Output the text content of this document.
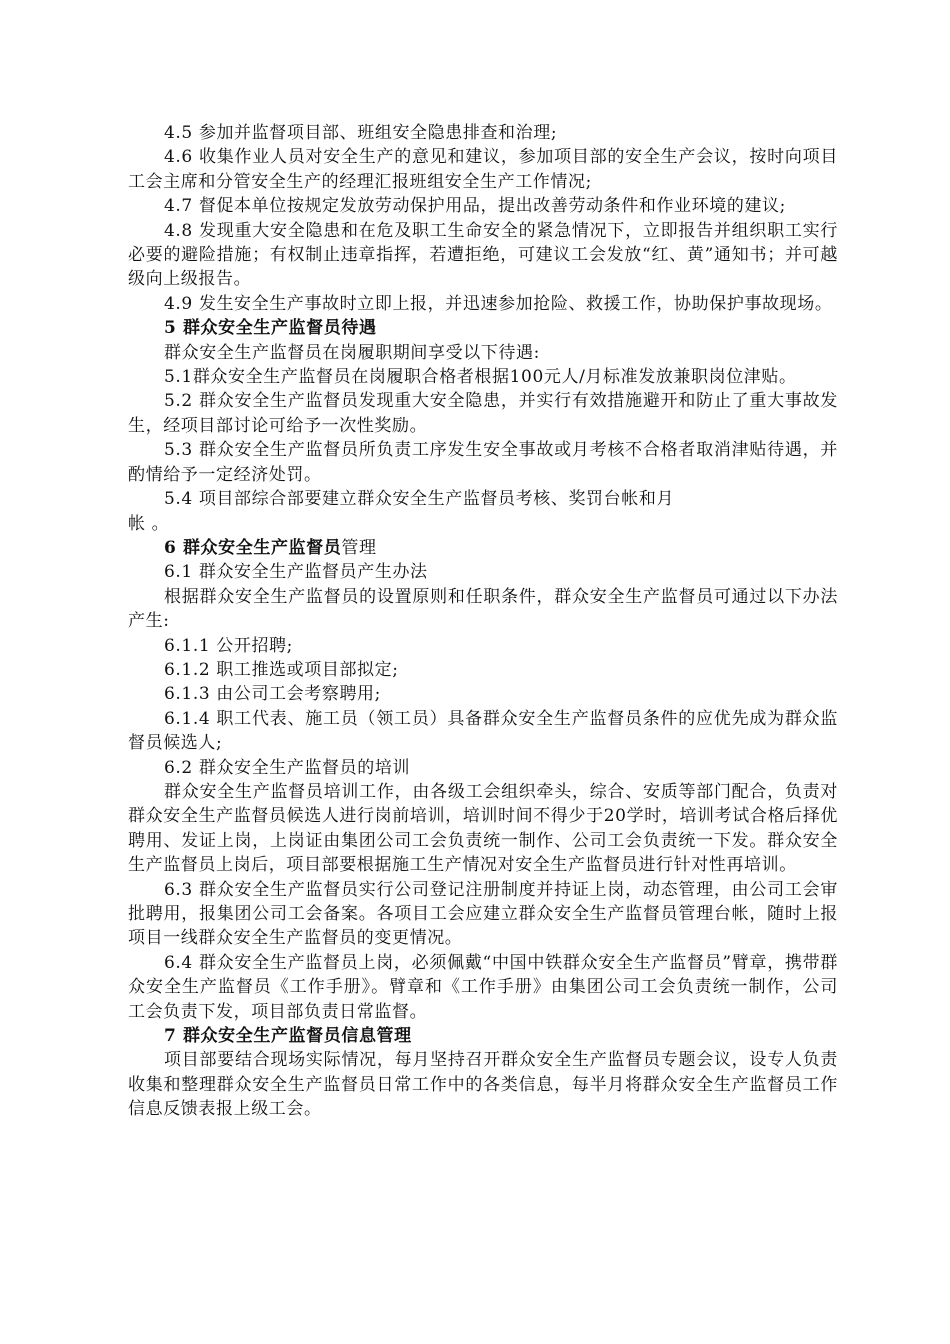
4.5 参加并监督项目部、班组安全隐患排查和治理;

4.6 收集作业人员对安全生产的意见和建议，参加项目部的安全生产会议，按时向项目工会主席和分管安全生产的经理汇报班组安全生产工作情况;

4.7 督促本单位按规定发放劳动保护用品，提出改善劳动条件和作业环境的建议;

4.8 发现重大安全隐患和在危及职工生命安全的紧急情况下，立即报告并组织职工实行必要的避险措施；有权制止违章指挥，若遭拒绝，可建议工会发放“红、黄”通知书；并可越级向上级报告。

4.9 发生安全生产事故时立即上报，并迅速参加抢险、救援工作，协助保护事故现场。

5 群众安全生产监督员待遇

群众安全生产监督员在岗履职期间享受以下待遇:

5.1群众安全生产监督员在岗履职合格者根据100元人/月标准发放兼职岗位津贴。

5.2 群众安全生产监督员发现重大安全隐患，并实行有效措施避开和防止了重大事故发生，经项目部讨论可给予一次性奖励。

5.3 群众安全生产监督员所负责工序发生安全事故或月考核不合格者取消津贴待遇，并酌情给予一定经济处罚。

5.4 项目部综合部要建立群众安全生产监督员考核、奖罚台帐和月

帐 。

6 群众安全生产监督员管理

6.1 群众安全生产监督员产生办法

根据群众安全生产监督员的设置原则和任职条件，群众安全生产监督员可通过以下办法产生:

6.1.1 公开招聘;

6.1.2 职工推选或项目部拟定;

6.1.3 由公司工会考察聘用;

6.1.4 职工代表、施工员（领工员）具备群众安全生产监督员条件的应优先成为群众监督员候选人;

6.2 群众安全生产监督员的培训

群众安全生产监督员培训工作，由各级工会组织牵头，综合、安质等部门配合，负责对群众安全生产监督员候选人进行岗前培训，培训时间不得少于20学时，培训考试合格后择优聘用、发证上岗，上岗证由集团公司工会负责统一制作、公司工会负责统一下发。群众安全生产监督员上岗后，项目部要根据施工生产情况对安全生产监督员进行针对性再培训。

6.3 群众安全生产监督员实行公司登记注册制度并持证上岗，动态管理，由公司工会审批聘用，报集团公司工会备案。各项目工会应建立群众安全生产监督员管理台帐，随时上报项目一线群众安全生产监督员的变更情况。

6.4 群众安全生产监督员上岗，必须佩戴“中国中铁群众安全生产监督员”臂章，携带群众安全生产监督员《工作手册》。臂章和《工作手册》由集团公司工会负责统一制作，公司工会负责下发，项目部负责日常监督。

7 群众安全生产监督员信息管理

项目部要结合现场实际情况，每月坚持召开群众安全生产监督员专题会议，设专人负责收集和整理群众安全生产监督员日常工作中的各类信息，每半月将群众安全生产监督员工作信息反馈表报上级工会。
